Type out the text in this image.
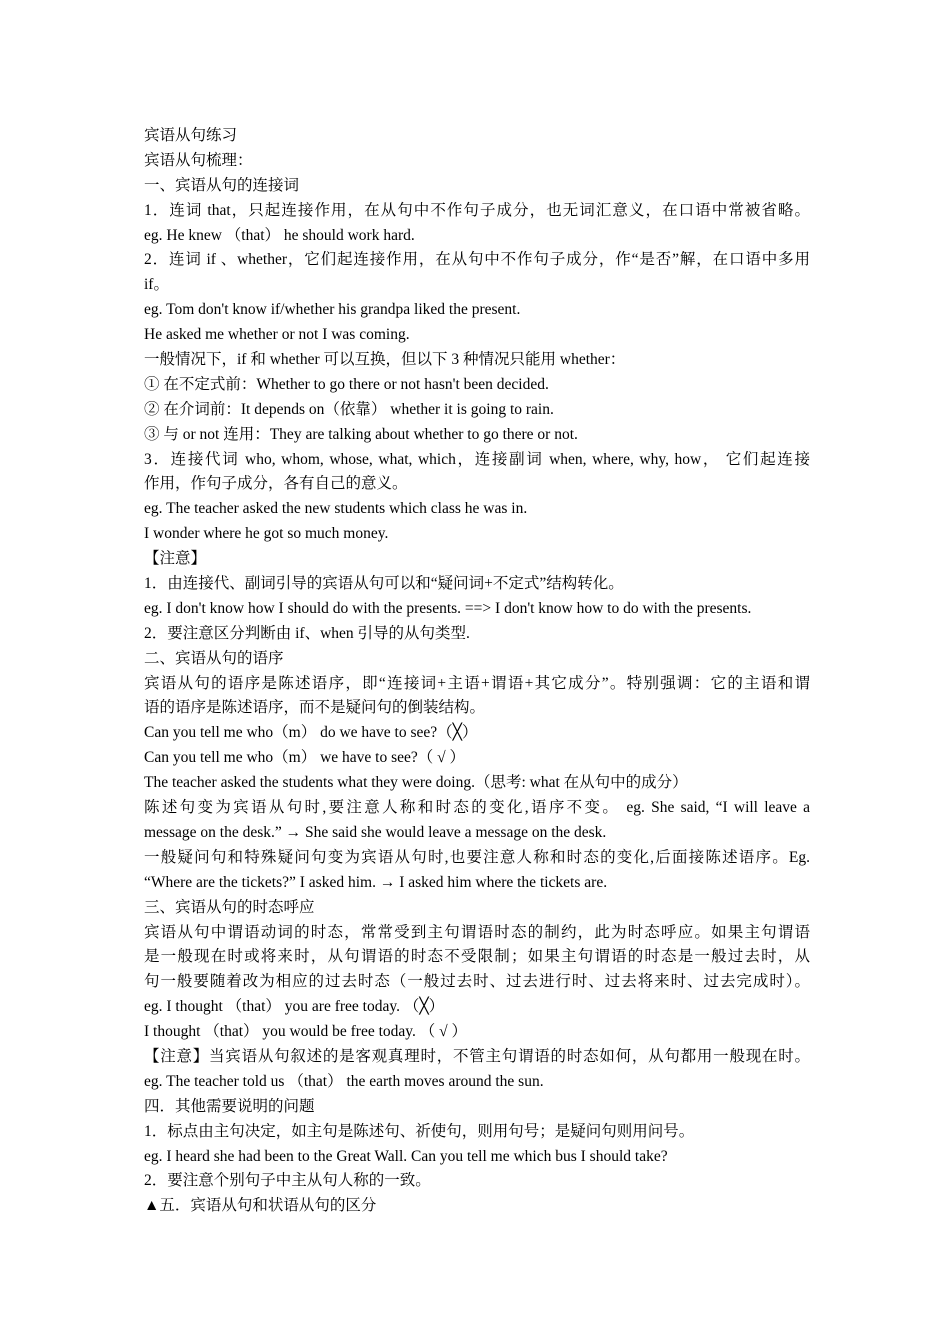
宾语从句练习
宾语从句梳理：
一、宾语从句的连接词
1．连词 that，只起连接作用，在从句中不作句子成分，也无词汇意义，在口语中常被省略。
eg. He knew （that） he should work hard.
2．连词 if 、whether，它们起连接作用，在从句中不作句子成分，作“是否”解，在口语中多用
if。
eg. Tom don't know if/whether his grandpa liked the present.
He asked me whether or not I was coming.
一般情况下，if 和 whether 可以互换，但以下 3 种情况只能用 whether：
① 在不定式前：Whether to go there or not hasn't been decided.
② 在介词前：It depends on（依靠） whether it is going to rain.
③ 与 or not 连用：They are talking about whether to go there or not.
3．连接代词 who, whom, whose, what, which，连接副词 when, where, why, how， 它们起连接
作用，作句子成分，各有自己的意义。
eg. The teacher asked the new students which class he was in.
I wonder where he got so much money.
【注意】
1．由连接代、副词引导的宾语从句可以和“疑问词+不定式”结构转化。
eg. I don't know how I should do with the presents. ==> I don't know how to do with the presents.
2．要注意区分判断由 if、when 引导的从句类型.
二、宾语从句的语序
宾语从句的语序是陈述语序，即“连接词+主语+谓语+其它成分”。特别强调：它的主语和谓
语的语序是陈述语序，而不是疑问句的倒装结构。
Can you tell me who（m） do we have to see?（╳）
Can you tell me who（m） we have to see?（ √ ）
The teacher asked the students what they were doing.（思考: what 在从句中的成分）
陈述句变为宾语从句时,要注意人称和时态的变化,语序不变。 eg. She said, “I will leave a
message on the desk.” → She said she would leave a message on the desk.
一般疑问句和特殊疑问句变为宾语从句时,也要注意人称和时态的变化,后面接陈述语序。Eg.
“Where are the tickets?” I asked him. → I asked him where the tickets are.
三、宾语从句的时态呼应
宾语从句中谓语动词的时态，常常受到主句谓语时态的制约，此为时态呼应。如果主句谓语
是一般现在时或将来时，从句谓语的时态不受限制；如果主句谓语的时态是一般过去时，从
句一般要随着改为相应的过去时态（一般过去时、过去进行时、过去将来时、过去完成时）。
eg. I thought （that） you are free today. （╳）
I thought （that） you would be free today. （ √ ）
【注意】当宾语从句叙述的是客观真理时，不管主句谓语的时态如何，从句都用一般现在时。
eg. The teacher told us （that） the earth moves around the sun.
四．其他需要说明的问题
1．标点由主句决定，如主句是陈述句、祈使句，则用句号；是疑问句则用问号。
eg. I heard she had been to the Great Wall. Can you tell me which bus I should take?
2．要注意个别句子中主从句人称的一致。
▲五．宾语从句和状语从句的区分
